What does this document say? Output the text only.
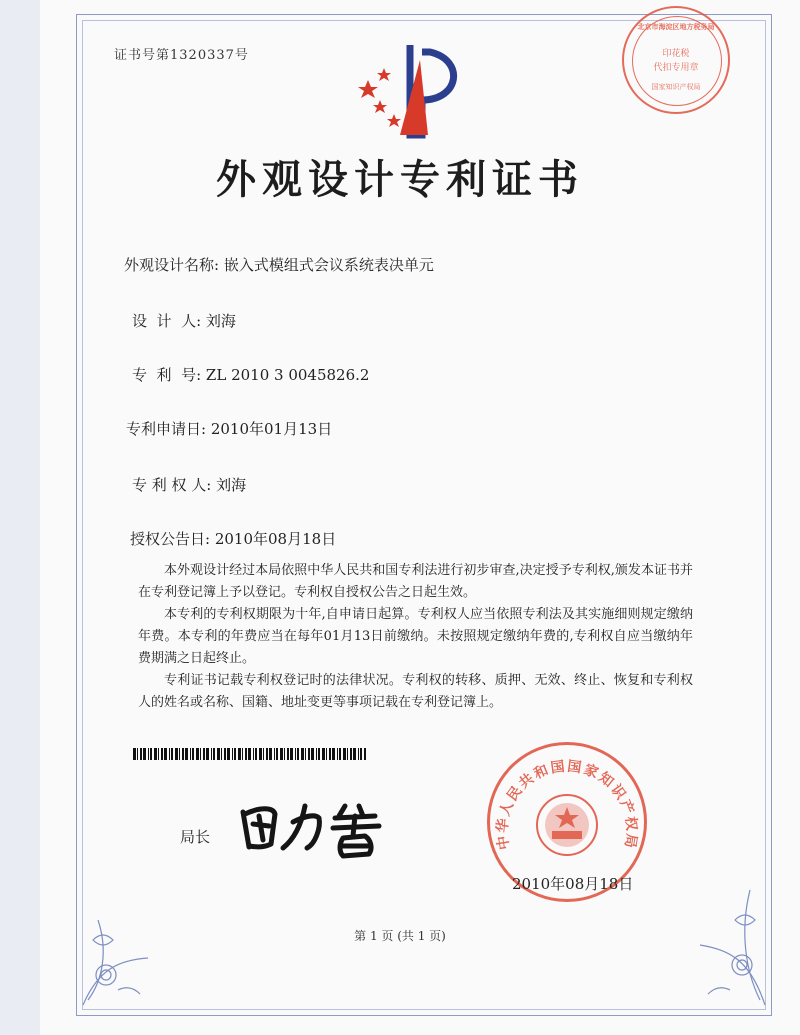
证书号第1320337号
北京市海淀区地方税务局
印花税
代扣专用章
国家知识产权局
外观设计专利证书
外观设计名称: 嵌入式模组式会议系统表决单元
设  计  人: 刘海
专  利  号: ZL 2010 3 0045826.2
专利申请日: 2010年01月13日
专 利 权 人: 刘海
授权公告日: 2010年08月18日

本外观设计经过本局依照中华人民共和国专利法进行初步审查,决定授予专利权,颁发本证书并在专利登记簿上予以登记。专利权自授权公告之日起生效。

本专利的专利权期限为十年,自申请日起算。专利权人应当依照专利法及其实施细则规定缴纳年费。本专利的年费应当在每年01月13日前缴纳。未按照规定缴纳年费的,专利权自应当缴纳年费期满之日起终止。

专利证书记载专利权登记时的法律状况。专利权的转移、质押、无效、终止、恢复和专利权人的姓名或名称、国籍、地址变更等事项记载在专利登记簿上。

局长	中华人民共和国国家知识产权局
2010年08月18日
第 1 页 (共 1 页)
